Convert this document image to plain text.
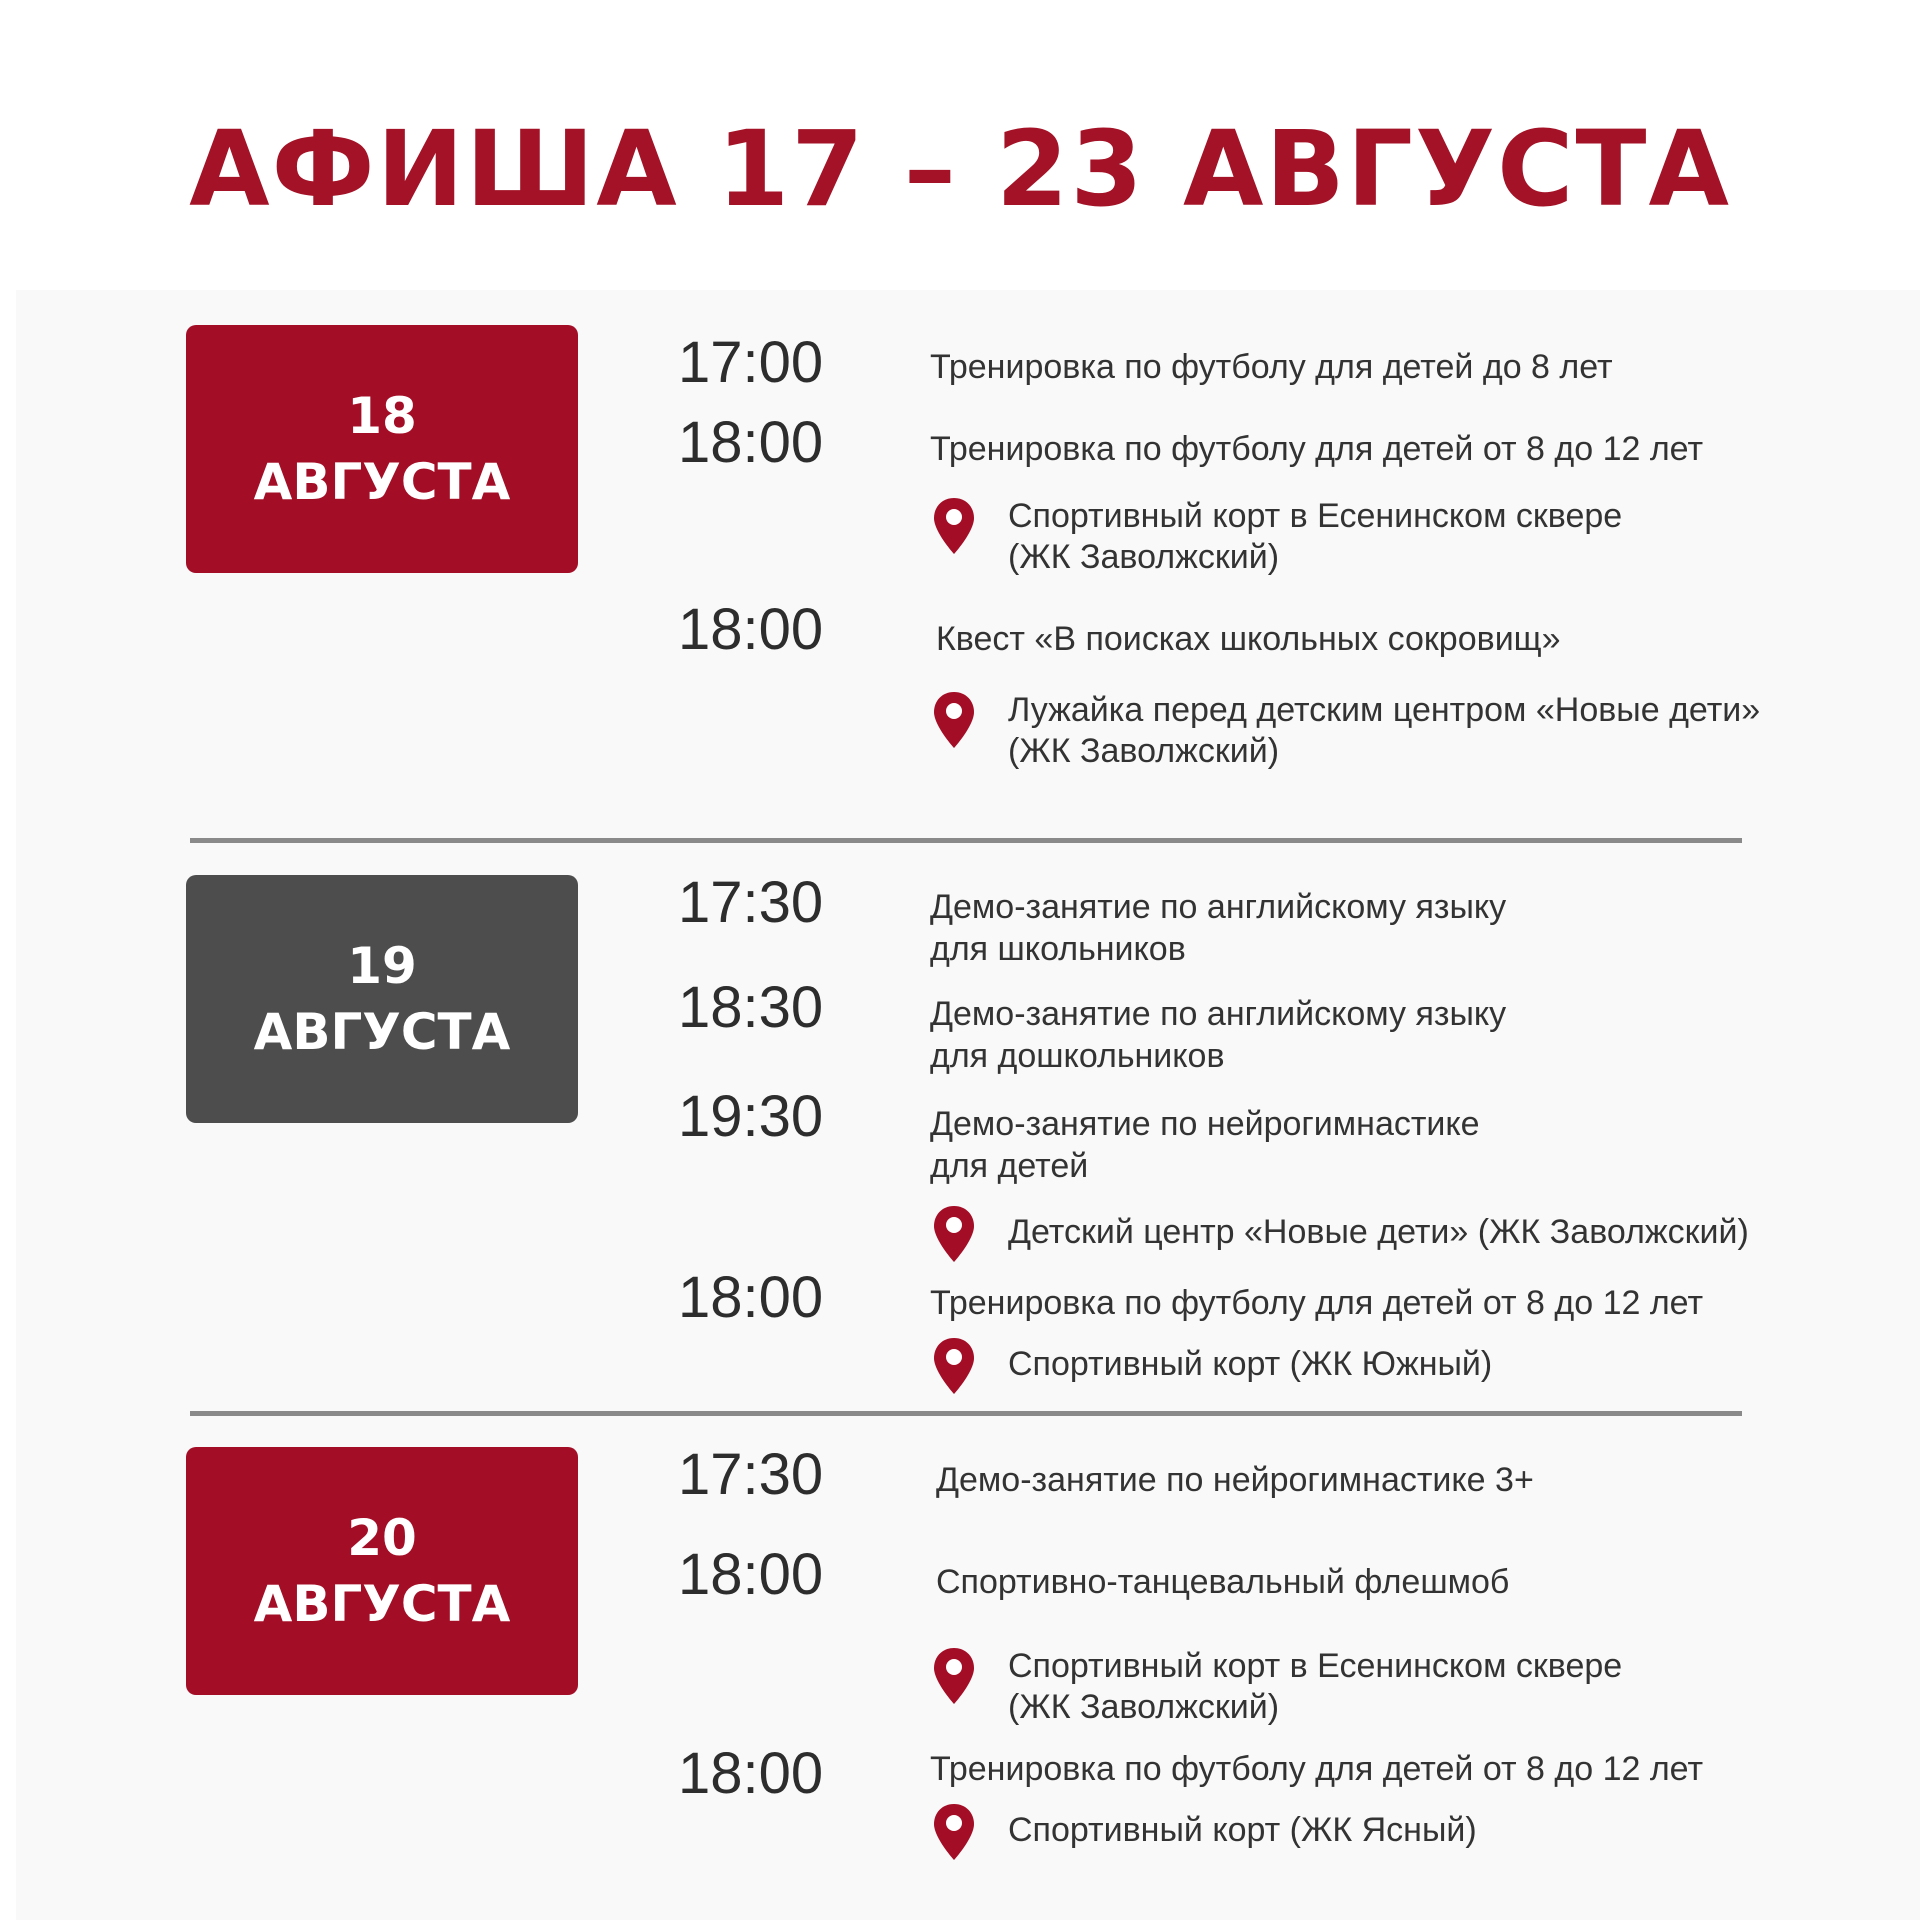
АФИША 17 – 23 АВГУСТА
18
АВГУСТА
17:00	Тренировка по футболу для детей до 8 лет
18:00	Тренировка по футболу для детей от 8 до 12 лет
Спортивный корт в Есенинском сквере
(ЖК Заволжский)
18:00	Квест «В поисках школьных сокровищ»
Лужайка перед детским центром «Новые дети»
(ЖК Заволжский)
19
АВГУСТА
17:30	Демо-занятие по английскому языку
для школьников
18:30	Демо-занятие по английскому языку
для дошкольников
19:30	Демо-занятие по нейрогимнастике
для детей
Детский центр «Новые дети» (ЖК Заволжский)
18:00	Тренировка по футболу для детей от 8 до 12 лет
Спортивный корт (ЖК Южный)
20
АВГУСТА
17:30	Демо-занятие по нейрогимнастике 3+
18:00	Спортивно-танцевальный флешмоб
Спортивный корт в Есенинском сквере
(ЖК Заволжский)
18:00	Тренировка по футболу для детей от 8 до 12 лет
Спортивный корт (ЖК Ясный)
